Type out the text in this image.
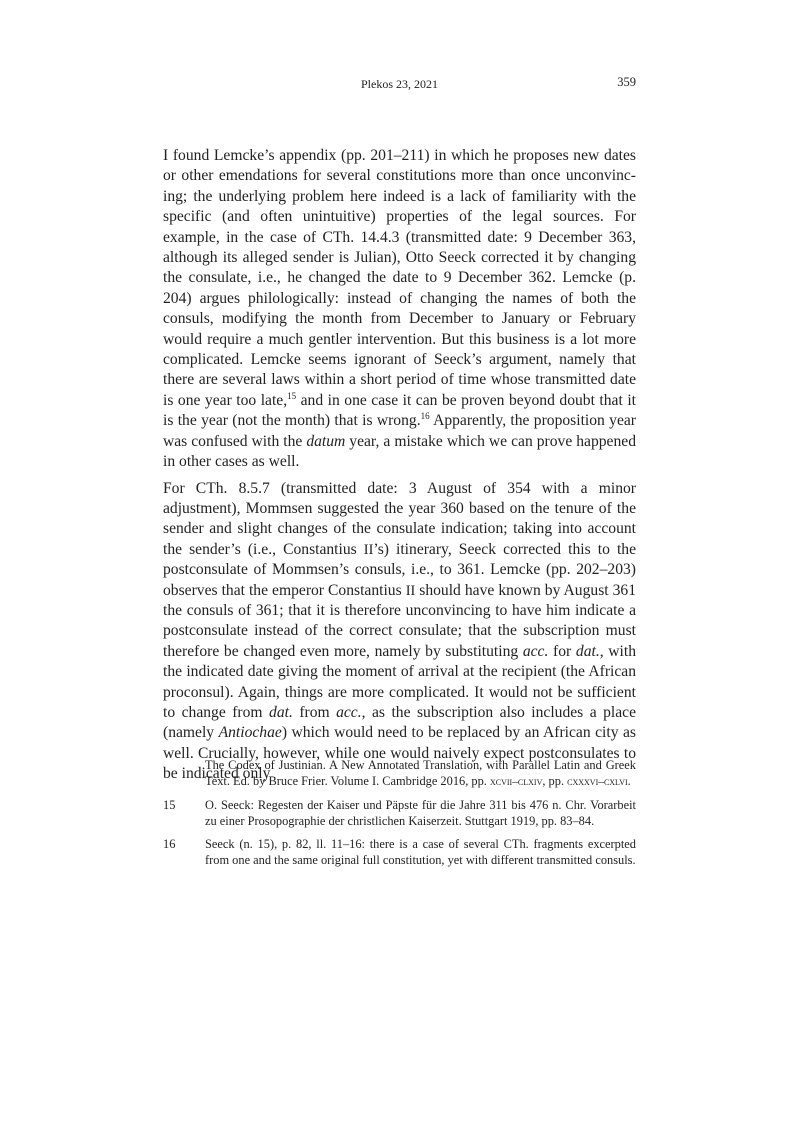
Plekos 23, 2021	359

I found Lemcke’s appendix (pp. 201–211) in which he proposes new dates or other emendations for several constitutions more than once unconvincing; the underlying problem here indeed is a lack of familiarity with the specific (and often unintuitive) properties of the legal sources. For example, in the case of CTh. 14.4.3 (transmitted date: 9 December 363, although its alleged sender is Julian), Otto Seeck corrected it by changing the consulate, i.e., he changed the date to 9 December 362. Lemcke (p. 204) argues philologically: instead of changing the names of both the consuls, modifying the month from December to January or February would require a much gentler intervention. But this business is a lot more complicated. Lemcke seems ignorant of Seeck’s argument, namely that there are several laws within a short period of time whose transmitted date is one year too late,$^{15}$ and in one case it can be proven beyond doubt that it is the year (not the month) that is wrong.$^{16}$ Apparently, the proposition year was confused with the datum year, a mistake which we can prove happened in other cases as well.

For CTh. 8.5.7 (transmitted date: 3 August of 354 with a minor adjustment), Mommsen suggested the year 360 based on the tenure of the sender and slight changes of the consulate indication; taking into account the sender’s (i.e., Constantius II’s) itinerary, Seeck corrected this to the postconsulate of Mommsen’s consuls, i.e., to 361. Lemcke (pp. 202–203) observes that the emperor Constantius II should have known by August 361 the consuls of 361; that it is therefore unconvincing to have him indicate a postconsulate instead of the correct consulate; that the subscription must therefore be changed even more, namely by substituting acc. for dat., with the indicated date giving the moment of arrival at the recipient (the African proconsul). Again, things are more complicated. It would not be sufficient to change from dat. from acc., as the subscription also includes a place (namely Antiochae) which would need to be replaced by an African city as well. Crucially, however, while one would naively expect postconsulates to be indicated only

The Codex of Justinian. A New Annotated Translation, with Parallel Latin and Greek Text. Ed. by Bruce Frier. Volume I. Cambridge 2016, pp. xcvii–clxiv, pp. cxxxvi–cxlvi.
15 O. Seeck: Regesten der Kaiser und Päpste für die Jahre 311 bis 476 n. Chr. Vorarbeit zu einer Prosopographie der christlichen Kaiserzeit. Stuttgart 1919, pp. 83–84.
16 Seeck (n. 15), p. 82, ll. 11–16: there is a case of several CTh. fragments excerpted from one and the same original full constitution, yet with different transmitted consuls.
